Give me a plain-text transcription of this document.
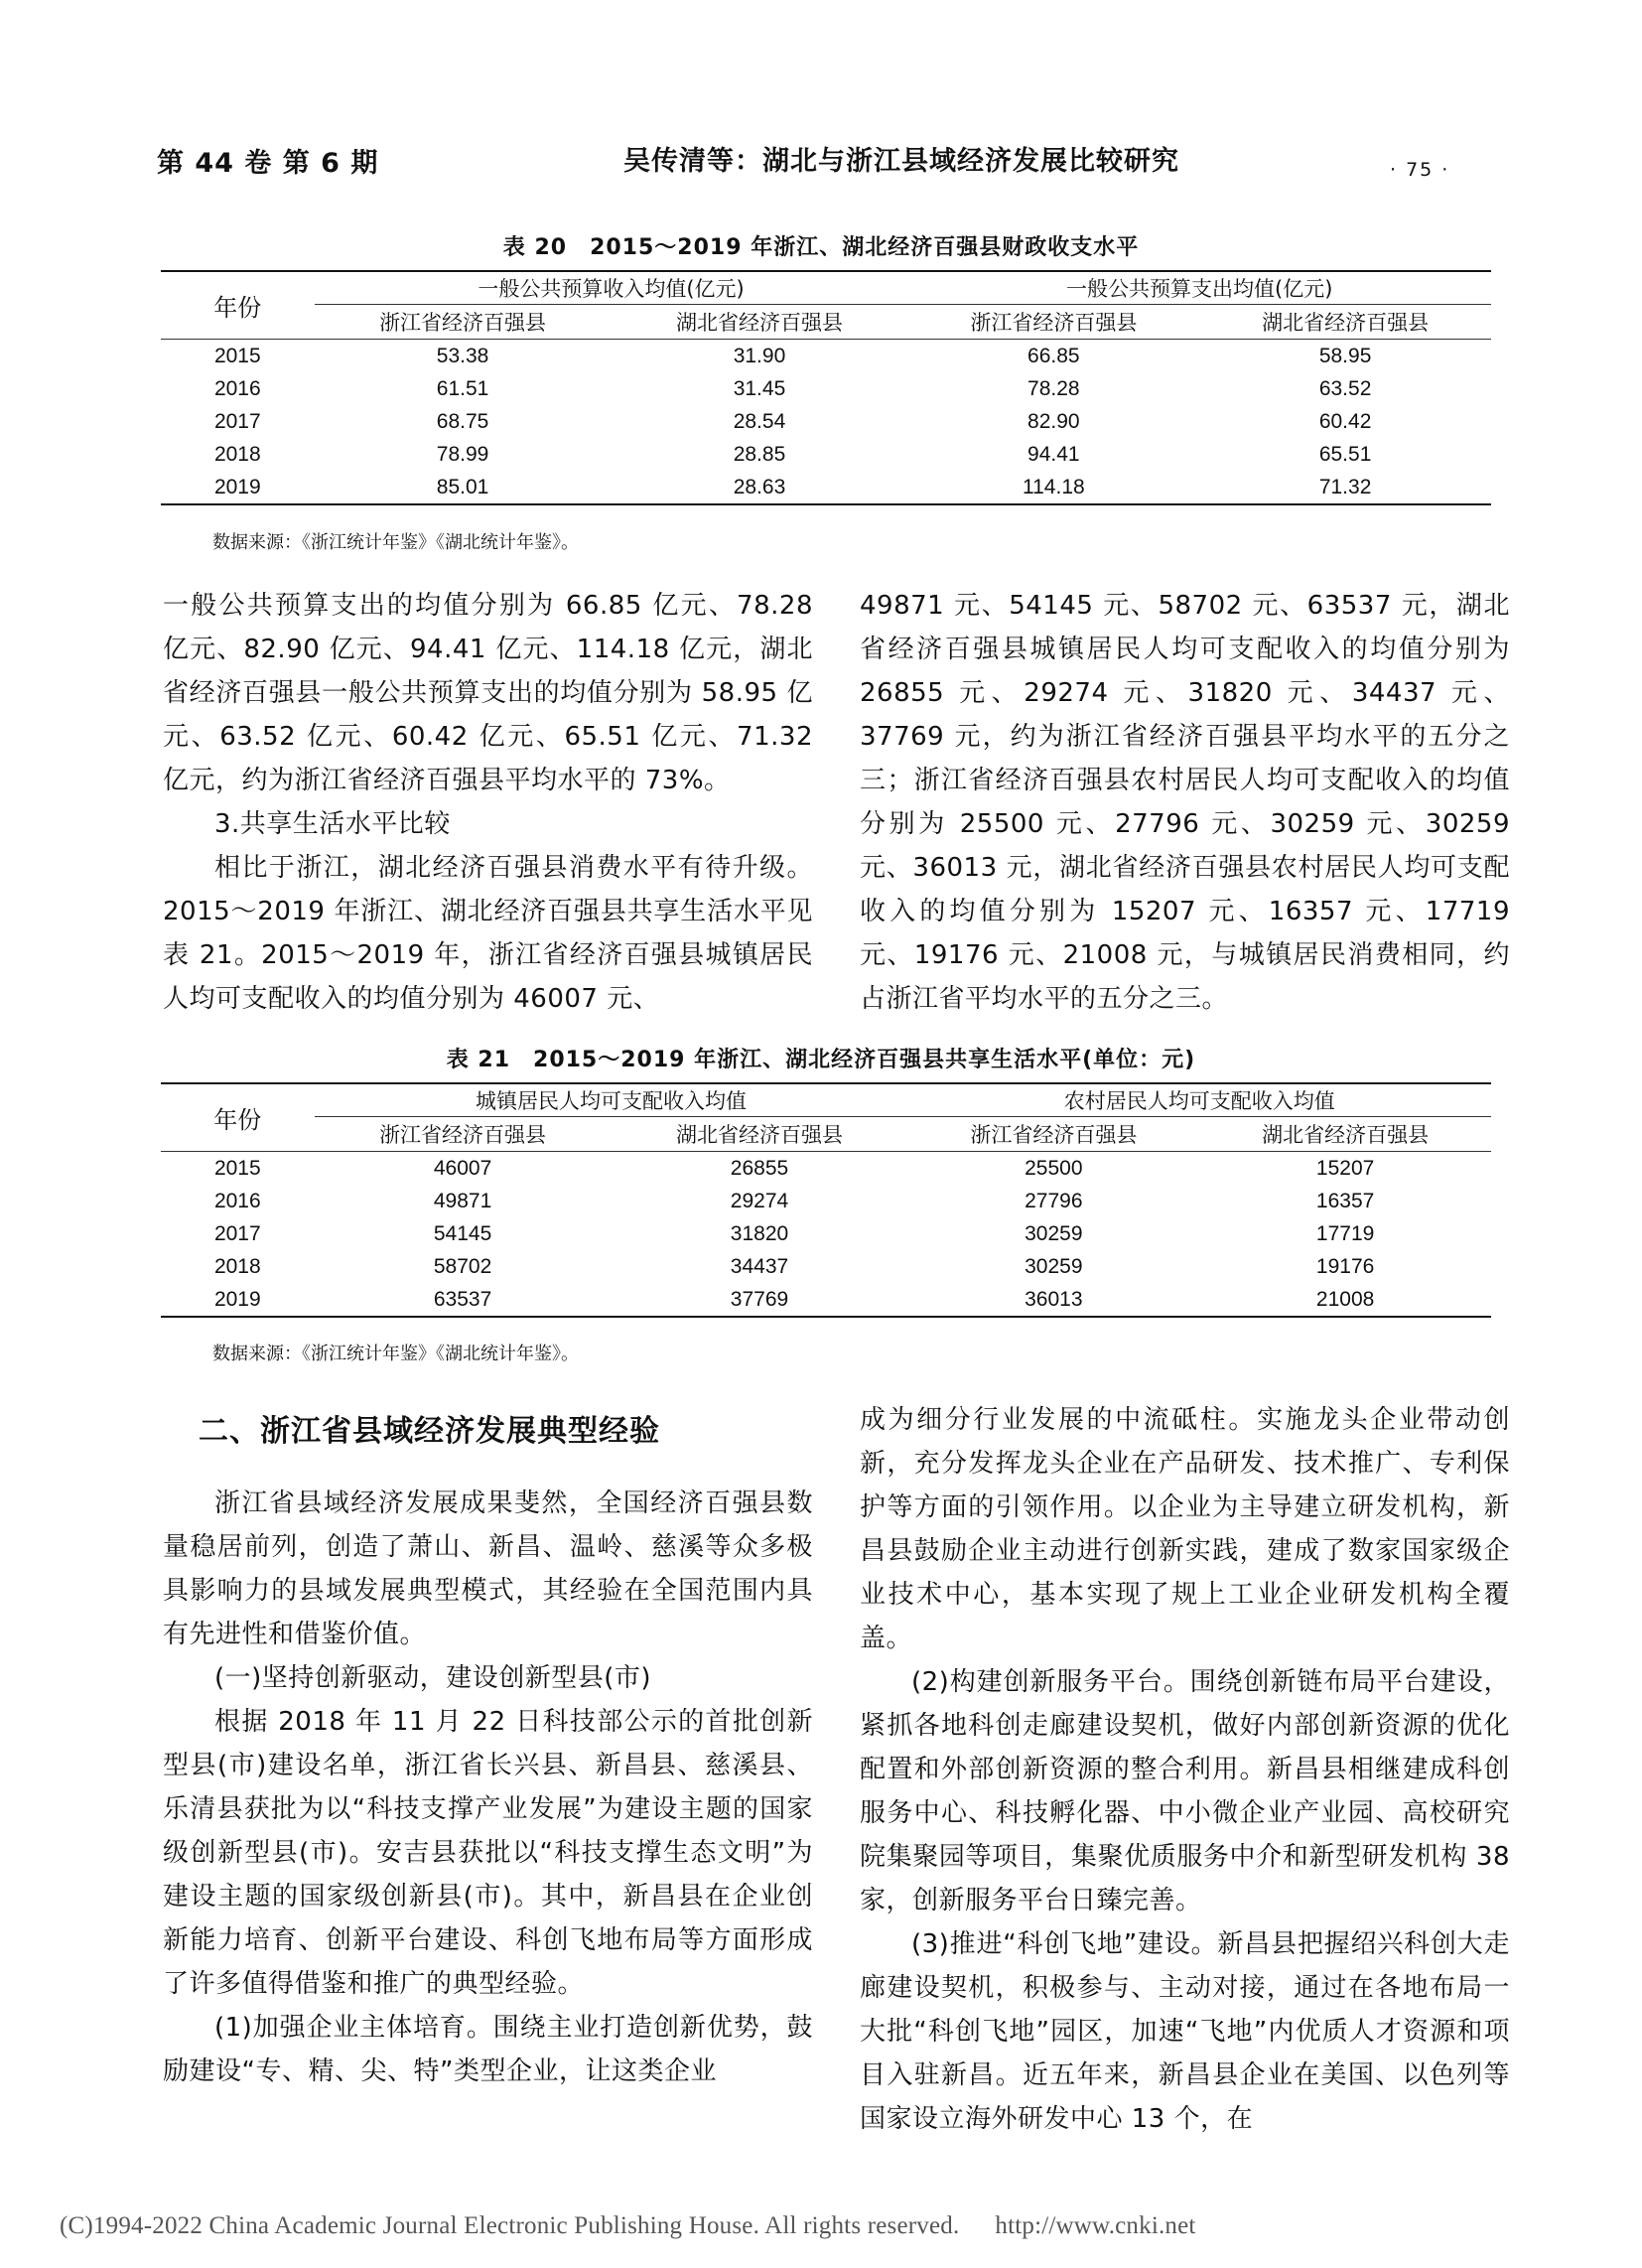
第 44 卷 第 6 期	吴传清等：湖北与浙江县域经济发展比较研究	· 75 ·
表 20　2015～2019 年浙江、湖北经济百强县财政收支水平
年份	一般公共预算收入均值(亿元)		一般公共预算支出均值(亿元)	
	浙江省经济百强县	湖北省经济百强县	浙江省经济百强县	湖北省经济百强县
2015	53.38	31.90	66.85	58.95
2016	61.51	31.45	78.28	63.52
2017	68.75	28.54	82.90	60.42
2018	78.99	28.85	94.41	65.51
2019	85.01	28.63	114.18	71.32
数据来源：《浙江统计年鉴》《湖北统计年鉴》。

一般公共预算支出的均值分别为 66.85 亿元、78.28 亿元、82.90 亿元、94.41 亿元、114.18 亿元，湖北省经济百强县一般公共预算支出的均值分别为 58.95 亿元、63.52 亿元、60.42 亿元、65.51 亿元、71.32 亿元，约为浙江省经济百强县平均水平的 73%。

3.共享生活水平比较

相比于浙江，湖北经济百强县消费水平有待升级。2015～2019 年浙江、湖北经济百强县共享生活水平见表 21。2015～2019 年，浙江省经济百强县城镇居民人均可支配收入的均值分别为 46007 元、

49871 元、54145 元、58702 元、63537 元，湖北省经济百强县城镇居民人均可支配收入的均值分别为 26855 元、29274 元、31820 元、34437 元、37769 元，约为浙江省经济百强县平均水平的五分之三；浙江省经济百强县农村居民人均可支配收入的均值分别为 25500 元、27796 元、30259 元、30259 元、36013 元，湖北省经济百强县农村居民人均可支配收入的均值分别为 15207 元、16357 元、17719 元、19176 元、21008 元，与城镇居民消费相同，约占浙江省平均水平的五分之三。

表 21　2015～2019 年浙江、湖北经济百强县共享生活水平(单位：元)
年份	城镇居民人均可支配收入均值		农村居民人均可支配收入均值	
	浙江省经济百强县	湖北省经济百强县	浙江省经济百强县	湖北省经济百强县
2015	46007	26855	25500	15207
2016	49871	29274	27796	16357
2017	54145	31820	30259	17719
2018	58702	34437	30259	19176
2019	63537	37769	36013	21008
数据来源：《浙江统计年鉴》《湖北统计年鉴》。

二、浙江省县域经济发展典型经验

浙江省县域经济发展成果斐然，全国经济百强县数量稳居前列，创造了萧山、新昌、温岭、慈溪等众多极具影响力的县域发展典型模式，其经验在全国范围内具有先进性和借鉴价值。

(一)坚持创新驱动，建设创新型县(市)

根据 2018 年 11 月 22 日科技部公示的首批创新型县(市)建设名单，浙江省长兴县、新昌县、慈溪县、乐清县获批为以“科技支撑产业发展”为建设主题的国家级创新型县(市)。安吉县获批以“科技支撑生态文明”为建设主题的国家级创新县(市)。其中，新昌县在企业创新能力培育、创新平台建设、科创飞地布局等方面形成了许多值得借鉴和推广的典型经验。

(1)加强企业主体培育。围绕主业打造创新优势，鼓励建设“专、精、尖、特”类型企业，让这类企业

成为细分行业发展的中流砥柱。实施龙头企业带动创新，充分发挥龙头企业在产品研发、技术推广、专利保护等方面的引领作用。以企业为主导建立研发机构，新昌县鼓励企业主动进行创新实践，建成了数家国家级企业技术中心，基本实现了规上工业企业研发机构全覆盖。

(2)构建创新服务平台。围绕创新链布局平台建设，紧抓各地科创走廊建设契机，做好内部创新资源的优化配置和外部创新资源的整合利用。新昌县相继建成科创服务中心、科技孵化器、中小微企业产业园、高校研究院集聚园等项目，集聚优质服务中介和新型研发机构 38 家，创新服务平台日臻完善。

(3)推进“科创飞地”建设。新昌县把握绍兴科创大走廊建设契机，积极参与、主动对接，通过在各地布局一大批“科创飞地”园区，加速“飞地”内优质人才资源和项目入驻新昌。近五年来，新昌县企业在美国、以色列等国家设立海外研发中心 13 个，在

(C)1994-2022 China Academic Journal Electronic Publishing House. All rights reserved. http://www.cnki.net
